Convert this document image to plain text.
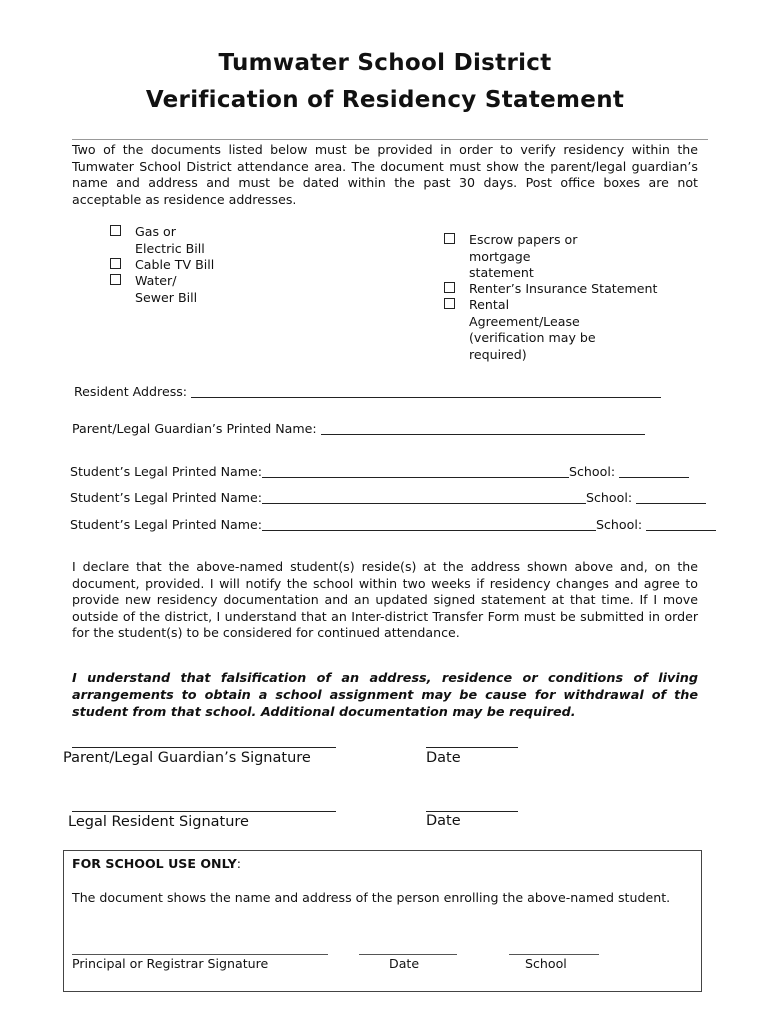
Tumwater School District
Verification of Residency Statement
Two of the documents listed below must be provided in order to verify residency within the Tumwater School District attendance area. The document must show the parent/legal guardian’s name and address and must be dated within the past 30 days. Post office boxes are not acceptable as residence addresses.
Gas or
Electric Bill
Cable TV Bill
Water/
Sewer Bill
Escrow papers or
mortgage
statement
Renter’s Insurance Statement
Rental
Agreement/Lease
(verification may be
required)
Resident Address:
Parent/Legal Guardian’s Printed Name:
Student’s Legal Printed Name:	School:
Student’s Legal Printed Name:	School:
Student’s Legal Printed Name:	School:
I declare that the above-named student(s) reside(s) at the address shown above and, on the document, provided. I will notify the school within two weeks if residency changes and agree to provide new residency documentation and an updated signed statement at that time. If I move outside of the district, I understand that an Inter-district Transfer Form must be submitted in order for the student(s) to be considered for continued attendance.
I understand that falsification of an address, residence or conditions of living arrangements to obtain a school assignment may be cause for withdrawal of the student from that school. Additional documentation may be required.
Parent/Legal Guardian’s Signature	Date
Legal Resident Signature	Date
FOR SCHOOL USE ONLY:
The document shows the name and address of the person enrolling the above-named student.
Principal or Registrar Signature	Date	School
